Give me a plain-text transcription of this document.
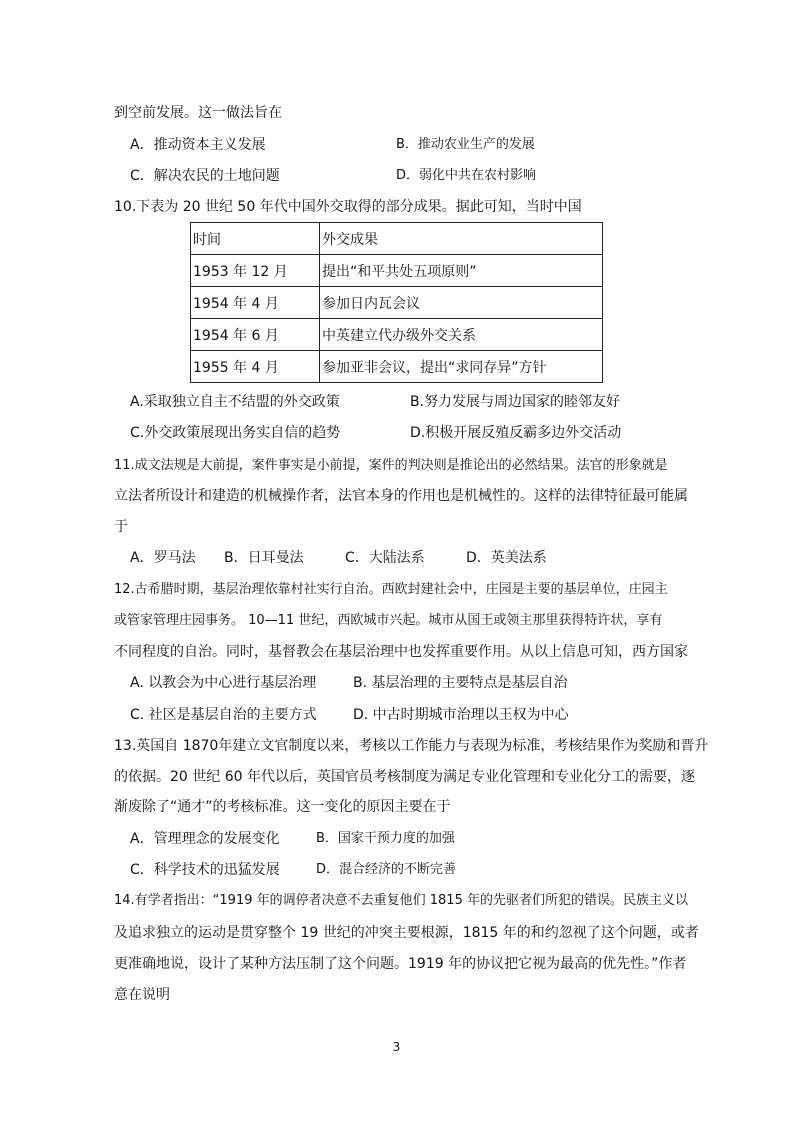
到空前发展。这一做法旨在
A．推动资本主义发展	B．推动农业生产的发展
C．解决农民的土地问题	D．弱化中共在农村影响
10.下表为 20 世纪 50 年代中国外交取得的部分成果。据此可知，当时中国
时间	外交成果
1953 年 12 月	提出“和平共处五项原则”
1954 年 4 月	参加日内瓦会议
1954 年 6 月	中英建立代办级外交关系
1955 年 4 月	参加亚非会议，提出“求同存异”方针
A.采取独立自主不结盟的外交政策	B.努力发展与周边国家的睦邻友好
C.外交政策展现出务实自信的趋势	D.积极开展反殖反霸多边外交活动
11.成文法规是大前提，案件事实是小前提，案件的判决则是推论出的必然结果。法官的形象就是
立法者所设计和建造的机械操作者，法官本身的作用也是机械性的。这样的法律特征最可能属
于
A．罗马法 B．日耳曼法	C．大陆法系	D．英美法系
12.古希腊时期，基层治理依靠村社实行自治。西欧封建社会中，庄园是主要的基层单位，庄园主
或管家管理庄园事务。 10—11 世纪，西欧城市兴起。城市从国王或领主那里获得特许状，享有
不同程度的自治。同时，基督教会在基层治理中也发挥重要作用。从以上信息可知，西方国家
A. 以教会为中心进行基层治理	B. 基层治理的主要特点是基层自治
C. 社区是基层自治的主要方式	D. 中古时期城市治理以王权为中心
13.英国自 1870年建立文官制度以来，考核以工作能力与表现为标准，考核结果作为奖励和晋升
的依据。20 世纪 60 年代以后，英国官员考核制度为满足专业化管理和专业化分工的需要，逐
渐废除了“通才”的考核标准。这一变化的原因主要在于
A．管理理念的发展变化	B．国家干预力度的加强
C．科学技术的迅猛发展	D．混合经济的不断完善
14.有学者指出：“1919 年的调停者决意不去重复他们 1815 年的先驱者们所犯的错误。民族主义以
及追求独立的运动是贯穿整个 19 世纪的冲突主要根源，1815 年的和约忽视了这个问题，或者
更准确地说，设计了某种方法压制了这个问题。1919 年的协议把它视为最高的优先性。”作者
意在说明
3
